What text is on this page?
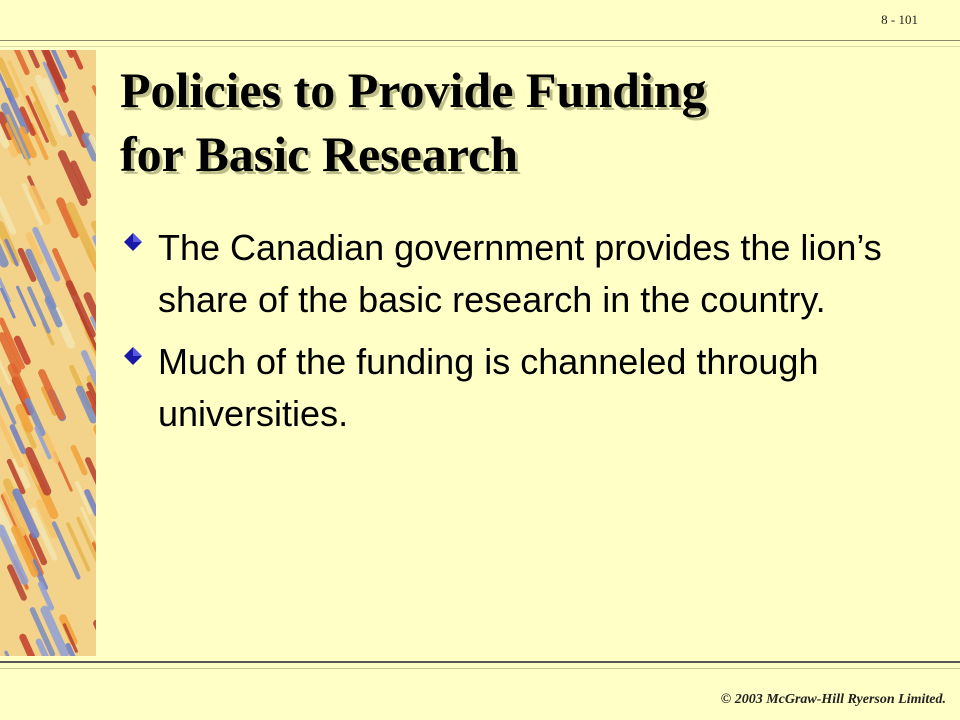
8 - 101
Policies to Provide Funding
for Basic Research
The Canadian government provides the lion’s share of the basic research in the country.
Much of the funding is channeled through universities.
© 2003 McGraw-Hill Ryerson Limited.
